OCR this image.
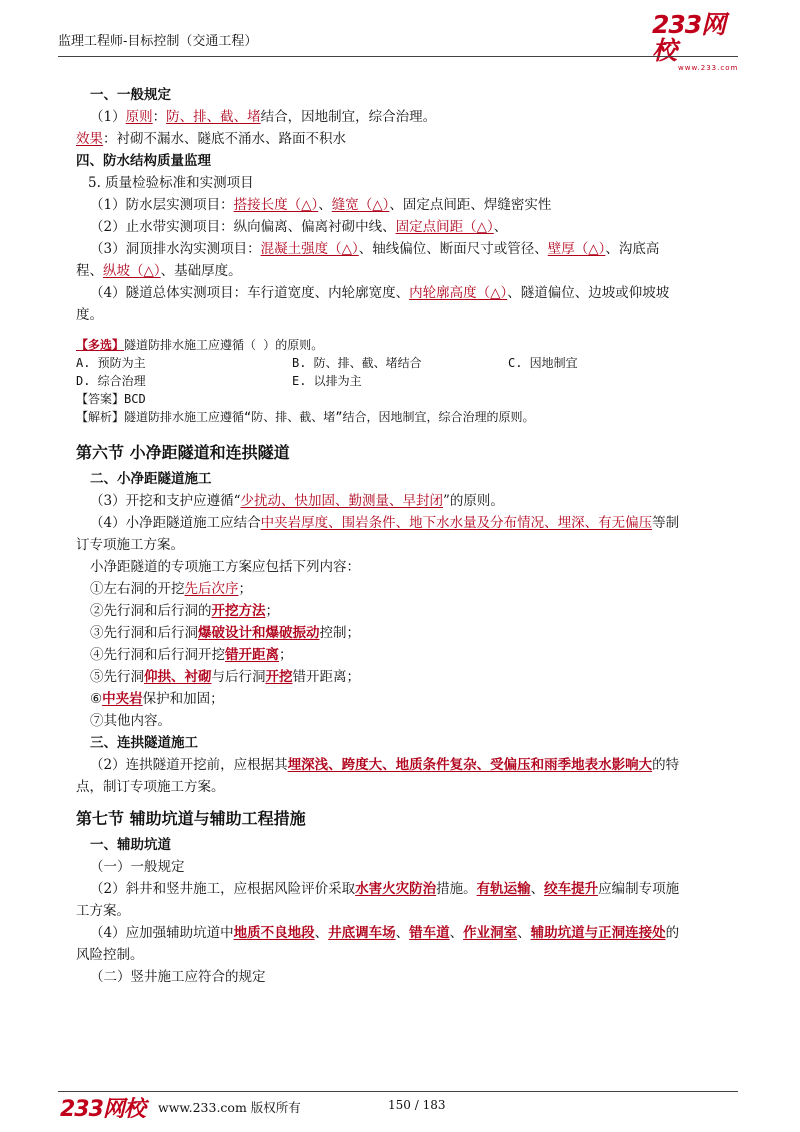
监理工程师-目标控制（交通工程）
233网校
www.233.com
一、一般规定
（1）原则：防、排、截、堵结合，因地制宜，综合治理。
效果：衬砌不漏水、隧底不涌水、路面不积水
四、防水结构质量监理
5. 质量检验标准和实测项目
（1）防水层实测项目：搭接长度（△）、缝宽（△）、固定点间距、焊缝密实性
（2）止水带实测项目：纵向偏离、偏离衬砌中线、固定点间距（△）、
（3）洞顶排水沟实测项目：混凝土强度（△）、轴线偏位、断面尺寸或管径、壁厚（△）、沟底高
程、纵坡（△）、基础厚度。
（4）隧道总体实测项目：车行道宽度、内轮廓宽度、内轮廓高度（△）、隧道偏位、边坡或仰坡坡
度。
【多选】隧道防排水施工应遵循（ ）的原则。
A. 预防为主	B. 防、排、截、堵结合	C. 因地制宜
D. 综合治理	E. 以排为主
【答案】BCD
【解析】隧道防排水施工应遵循“防、排、截、堵”结合，因地制宜，综合治理的原则。
第六节 小净距隧道和连拱隧道
二、小净距隧道施工
（3）开挖和支护应遵循“少扰动、快加固、勤测量、早封闭”的原则。
（4）小净距隧道施工应结合中夹岩厚度、围岩条件、地下水水量及分布情况、埋深、有无偏压等制
订专项施工方案。
小净距隧道的专项施工方案应包括下列内容：
①左右洞的开挖先后次序；
②先行洞和后行洞的开挖方法；
③先行洞和后行洞爆破设计和爆破振动控制；
④先行洞和后行洞开挖错开距离；
⑤先行洞仰拱、衬砌与后行洞开挖错开距离；
⑥中夹岩保护和加固；
⑦其他内容。
三、连拱隧道施工
（2）连拱隧道开挖前，应根据其埋深浅、跨度大、地质条件复杂、受偏压和雨季地表水影响大的特
点，制订专项施工方案。
第七节 辅助坑道与辅助工程措施
一、辅助坑道
（一）一般规定
（2）斜井和竖井施工，应根据风险评价采取水害火灾防治措施。有轨运输、绞车提升应编制专项施
工方案。
（4）应加强辅助坑道中地质不良地段、井底调车场、错车道、作业洞室、辅助坑道与正洞连接处的
风险控制。
（二）竖井施工应符合的规定
233网校 www.233.com 版权所有	150 / 183
